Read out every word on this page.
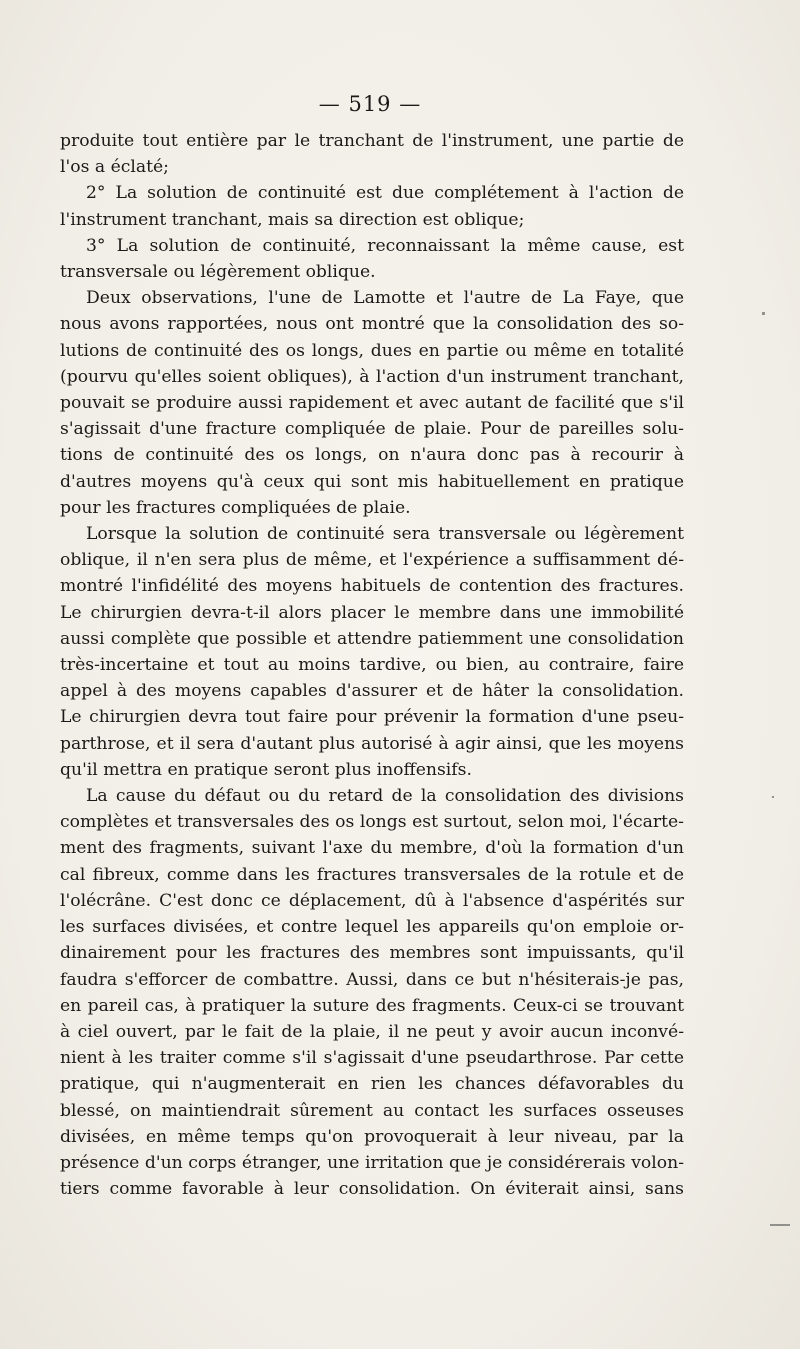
— 519 —
produite tout entière par le tranchant de l'instrument, une partie de
l'os a éclaté;
2° La solution de continuité est due complétement à l'action de
l'instrument tranchant, mais sa direction est oblique;
3° La solution de continuité, reconnaissant la même cause, est
transversale ou légèrement oblique.
Deux observations, l'une de Lamotte et l'autre de La Faye, que
nous avons rapportées, nous ont montré que la consolidation des so-
lutions de continuité des os longs, dues en partie ou même en totalité
(pourvu qu'elles soient obliques), à l'action d'un instrument tranchant,
pouvait se produire aussi rapidement et avec autant de facilité que s'il
s'agissait d'une fracture compliquée de plaie. Pour de pareilles solu-
tions de continuité des os longs, on n'aura donc pas à recourir à
d'autres moyens qu'à ceux qui sont mis habituellement en pratique
pour les fractures compliquées de plaie.
Lorsque la solution de continuité sera transversale ou légèrement
oblique, il n'en sera plus de même, et l'expérience a suffisamment dé-
montré l'infidélité des moyens habituels de contention des fractures.
Le chirurgien devra-t-il alors placer le membre dans une immobilité
aussi complète que possible et attendre patiemment une consolidation
très-incertaine et tout au moins tardive, ou bien, au contraire, faire
appel à des moyens capables d'assurer et de hâter la consolidation.
Le chirurgien devra tout faire pour prévenir la formation d'une pseu-
parthrose, et il sera d'autant plus autorisé à agir ainsi, que les moyens
qu'il mettra en pratique seront plus inoffensifs.
La cause du défaut ou du retard de la consolidation des divisions
complètes et transversales des os longs est surtout, selon moi, l'écarte-
ment des fragments, suivant l'axe du membre, d'où la formation d'un
cal fibreux, comme dans les fractures transversales de la rotule et de
l'olécrâne. C'est donc ce déplacement, dû à l'absence d'aspérités sur
les surfaces divisées, et contre lequel les appareils qu'on emploie or-
dinairement pour les fractures des membres sont impuissants, qu'il
faudra s'efforcer de combattre. Aussi, dans ce but n'hésiterais-je pas,
en pareil cas, à pratiquer la suture des fragments. Ceux-ci se trouvant
à ciel ouvert, par le fait de la plaie, il ne peut y avoir aucun inconvé-
nient à les traiter comme s'il s'agissait d'une pseudarthrose. Par cette
pratique, qui n'augmenterait en rien les chances défavorables du
blessé, on maintiendrait sûrement au contact les surfaces osseuses
divisées, en même temps qu'on provoquerait à leur niveau, par la
présence d'un corps étranger, une irritation que je considérerais volon-
tiers comme favorable à leur consolidation. On éviterait ainsi, sans
